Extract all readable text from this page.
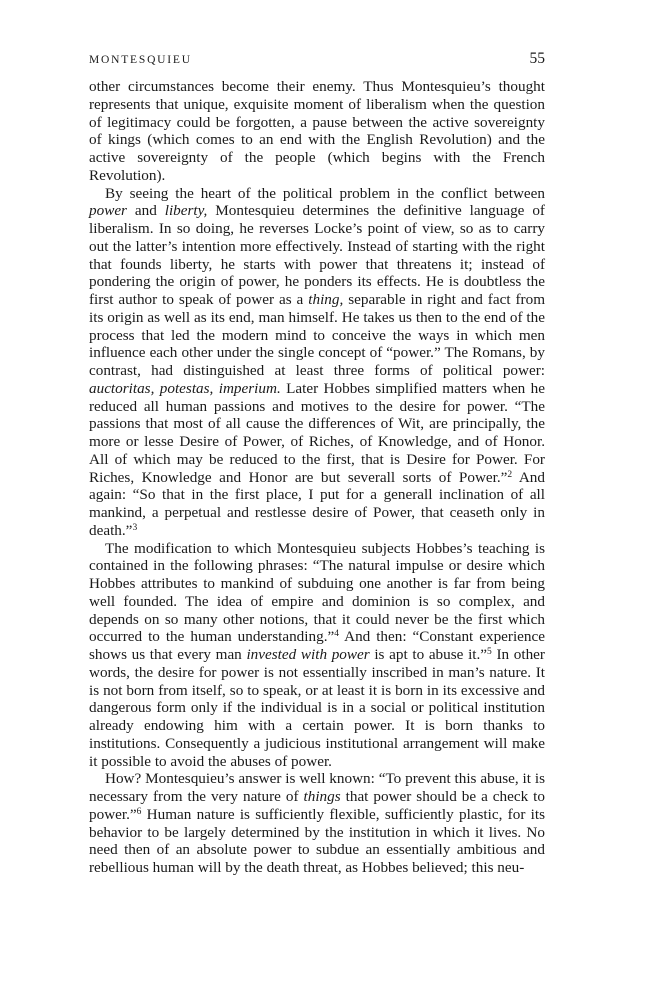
MONTESQUIEU	55

other circumstances become their enemy. Thus Montesquieu’s thought represents that unique, exquisite moment of liberalism when the question of legitimacy could be forgotten, a pause between the active sovereignty of kings (which comes to an end with the English Revolution) and the active sovereignty of the people (which begins with the French Revolution).

By seeing the heart of the political problem in the conflict between power and liberty, Montesquieu determines the definitive language of liberalism. In so doing, he reverses Locke’s point of view, so as to carry out the latter’s intention more effectively. Instead of starting with the right that founds liberty, he starts with power that threatens it; instead of pondering the origin of power, he ponders its effects. He is doubtless the first author to speak of power as a thing, separable in right and fact from its origin as well as its end, man himself. He takes us then to the end of the process that led the modern mind to conceive the ways in which men influence each other under the single concept of “power.” The Romans, by contrast, had distinguished at least three forms of political power: auctoritas, potestas, imperium. Later Hobbes simplified matters when he reduced all human passions and motives to the desire for power. “The passions that most of all cause the differences of Wit, are principally, the more or lesse Desire of Power, of Riches, of Knowledge, and of Honor. All of which may be reduced to the first, that is Desire for Power. For Riches, Knowledge and Honor are but severall sorts of Power.”$^2$ And again: “So that in the first place, I put for a generall inclination of all mankind, a perpetual and restlesse desire of Power, that ceaseth only in death.”$^3$

The modification to which Montesquieu subjects Hobbes’s teaching is contained in the following phrases: “The natural impulse or desire which Hobbes attributes to mankind of subduing one another is far from being well founded. The idea of empire and dominion is so complex, and depends on so many other notions, that it could never be the first which occurred to the human understanding.”$^4$ And then: “Constant experience shows us that every man invested with power is apt to abuse it.”$^5$ In other words, the desire for power is not essentially inscribed in man’s nature. It is not born from itself, so to speak, or at least it is born in its excessive and dangerous form only if the individual is in a social or political institution already endowing him with a certain power. It is born thanks to institutions. Consequently a judicious institutional arrangement will make it possible to avoid the abuses of power.

How? Montesquieu’s answer is well known: “To prevent this abuse, it is necessary from the very nature of things that power should be a check to power.”$^6$ Human nature is sufficiently flexible, sufficiently plastic, for its behavior to be largely determined by the institution in which it lives. No need then of an absolute power to subdue an essentially ambitious and rebellious human will by the death threat, as Hobbes believed; this neu-
